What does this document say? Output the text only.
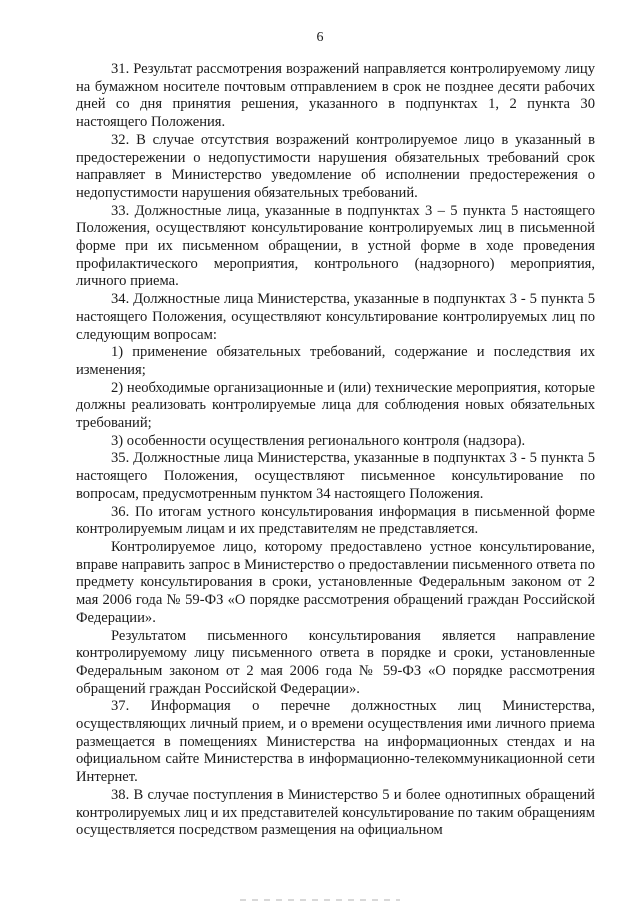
6

31. Результат рассмотрения возражений направляется контролируемому лицу на бумажном носителе почтовым отправлением в срок не позднее десяти рабочих дней со дня принятия решения, указанного в подпунктах 1, 2 пункта 30 настоящего Положения.

32. В случае отсутствия возражений контролируемое лицо в указанный в предостережении о недопустимости нарушения обязательных требований срок направляет в Министерство уведомление об исполнении предостережения о недопустимости нарушения обязательных требований.

33. Должностные лица, указанные в подпунктах 3 – 5 пункта 5 настоящего Положения, осуществляют консультирование контролируемых лиц в письменной форме при их письменном обращении, в устной форме в ходе проведения профилактического мероприятия, контрольного (надзорного) мероприятия, личного приема.

34. Должностные лица Министерства, указанные в подпунктах 3 - 5 пункта 5 настоящего Положения, осуществляют консультирование контролируемых лиц по следующим вопросам:

1) применение обязательных требований, содержание и последствия их изменения;

2) необходимые организационные и (или) технические мероприятия, которые должны реализовать контролируемые лица для соблюдения новых обязательных требований;

3) особенности осуществления регионального контроля (надзора).

35. Должностные лица Министерства, указанные в подпунктах 3 - 5 пункта 5 настоящего Положения, осуществляют письменное консультирование по вопросам, предусмотренным пунктом 34 настоящего Положения.

36. По итогам устного консультирования информация в письменной форме контролируемым лицам и их представителям не представляется.

Контролируемое лицо, которому предоставлено устное консультирование, вправе направить запрос в Министерство о предоставлении письменного ответа по предмету консультирования в сроки, установленные Федеральным законом от 2 мая 2006 года № 59-ФЗ «О порядке рассмотрения обращений граждан Российской Федерации».

Результатом письменного консультирования является направление контролируемому лицу письменного ответа в порядке и сроки, установленные Федеральным законом от 2 мая 2006 года № 59-ФЗ «О порядке рассмотрения обращений граждан Российской Федерации».

37. Информация о перечне должностных лиц Министерства, осуществляющих личный прием, и о времени осуществления ими личного приема размещается в помещениях Министерства на информационных стендах и на официальном сайте Министерства в информационно-телекоммуникационной сети Интернет.

38. В случае поступления в Министерство 5 и более однотипных обращений контролируемых лиц и их представителей консультирование по таким обращениям осуществляется посредством размещения на официальном
